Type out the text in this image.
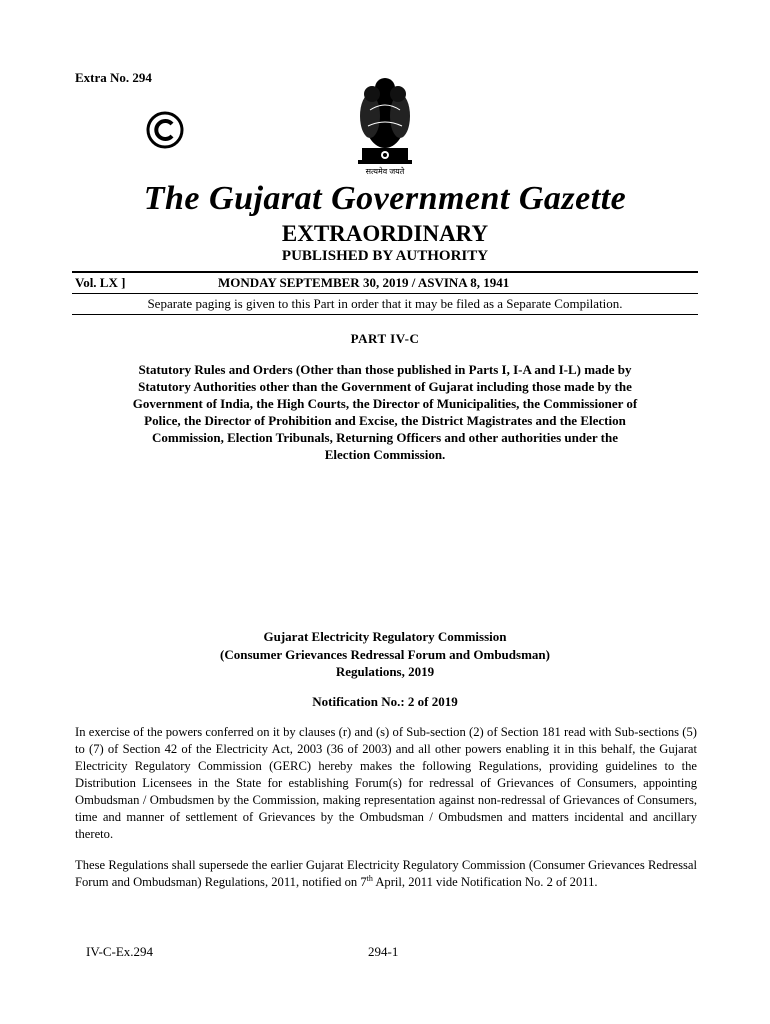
Extra No. 294
सत्यमेव जयते
The Gujarat Government Gazette
EXTRAORDINARY
PUBLISHED BY AUTHORITY
Vol. LX ]	MONDAY SEPTEMBER 30, 2019 / ASVINA 8, 1941
Separate paging is given to this Part in order that it may be filed as a Separate Compilation.
PART IV-C
Statutory Rules and Orders (Other than those published in Parts I, I-A and I-L) made by Statutory Authorities other than the Government of Gujarat including those made by the Government of India, the High Courts, the Director of Municipalities, the Commissioner of Police, the Director of Prohibition and Excise, the District Magistrates and the Election Commission, Election Tribunals, Returning Officers and other authorities under the Election Commission.
Gujarat Electricity Regulatory Commission
(Consumer Grievances Redressal Forum and Ombudsman)
Regulations, 2019
Notification No.: 2 of 2019
In exercise of the powers conferred on it by clauses (r) and (s) of Sub-section (2) of Section 181 read with Sub-sections (5) to (7) of Section 42 of the Electricity Act, 2003 (36 of 2003) and all other powers enabling it in this behalf, the Gujarat Electricity Regulatory Commission (GERC) hereby makes the following Regulations, providing guidelines to the Distribution Licensees in the State for establishing Forum(s) for redressal of Grievances of Consumers, appointing Ombudsman / Ombudsmen by the Commission, making representation against non-redressal of Grievances of Consumers, time and manner of settlement of Grievances by the Ombudsman / Ombudsmen and matters incidental and ancillary thereto.
These Regulations shall supersede the earlier Gujarat Electricity Regulatory Commission (Consumer Grievances Redressal Forum and Ombudsman) Regulations, 2011, notified on 7th April, 2011 vide Notification No. 2 of 2011.
IV-C-Ex.294	294-1
